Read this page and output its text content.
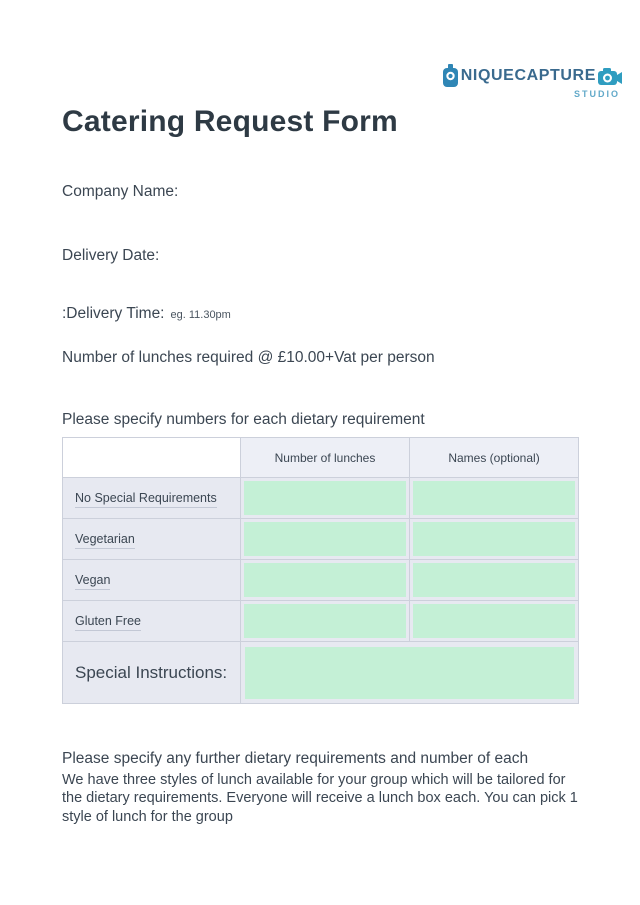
NIQUECAPTURE
STUDIO
Catering Request Form
Company Name:
Delivery Date:
:Delivery Time: eg. 11.30pm
Number of lunches required @ £10.00+Vat per person
Please specify numbers for each dietary requirement
	Number of lunches	Names (optional)
No Special Requirements	

Vegetarian	

Vegan	

Gluten Free	

Special Instructions:		

Please specify any further dietary requirements and number of each

We have three styles of lunch available for your group which will be tailored for the dietary requirements. Everyone will receive a lunch box each. You can pick 1 style of lunch for the group
